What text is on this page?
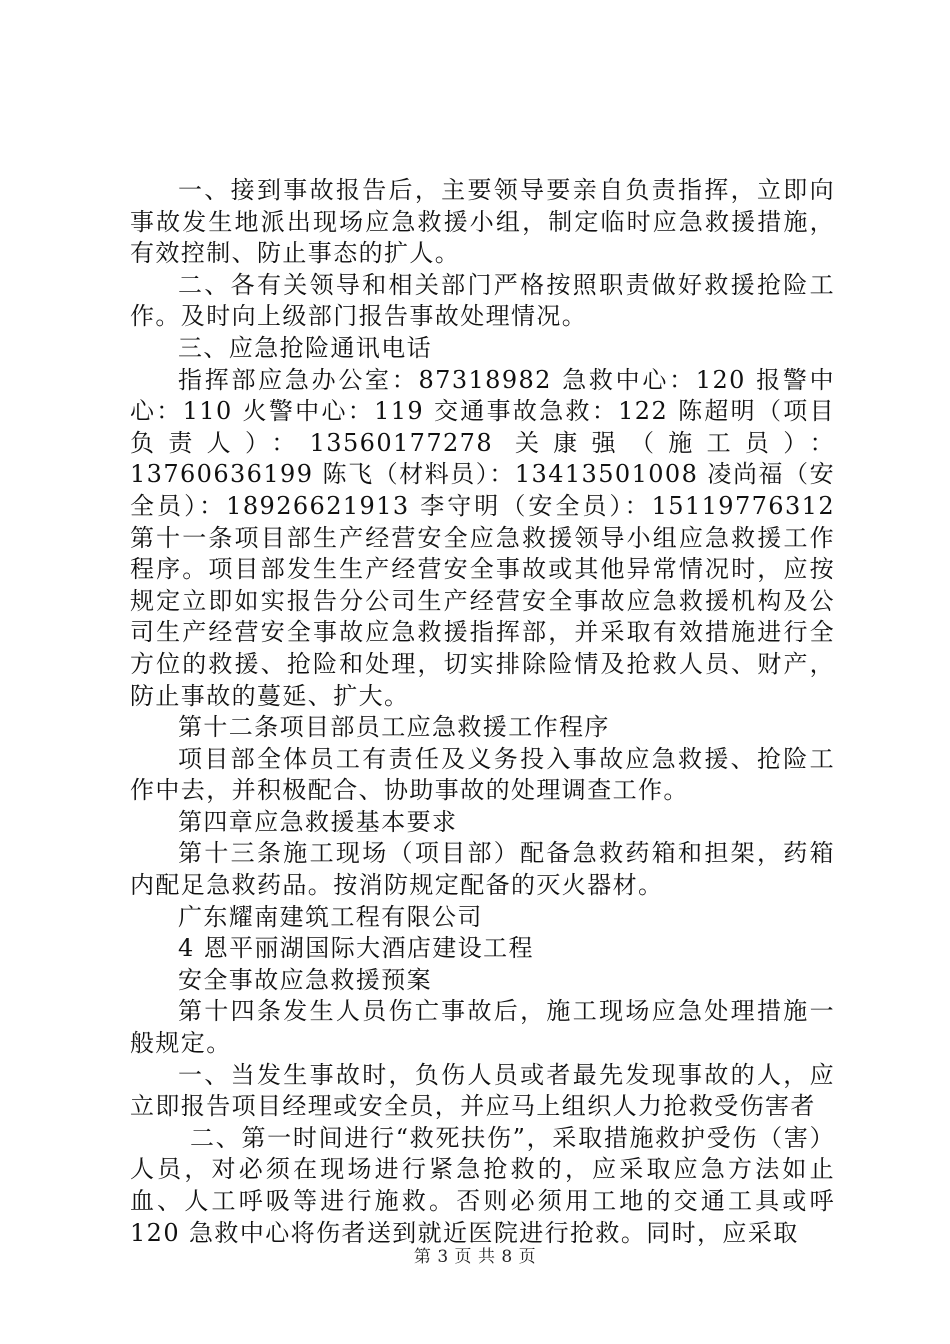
一、接到事故报告后，主要领导要亲自负责指挥，立即向事故发生地派出现场应急救援小组，制定临时应急救援措施，有效控制、防止事态的扩人。

二、各有关领导和相关部门严格按照职责做好救援抢险工作。及时向上级部门报告事故处理情况。

三、应急抢险通讯电话

指挥部应急办公室：87318982 急救中心：120 报警中心：110 火警中心：119 交通事故急救：122 陈超明（项目负责人）：13560177278 关康强（施工员）：13760636199 陈飞（材料员）：13413501008 凌尚福（安全员）：18926621913 李守明（安全员）：15119776312 第十一条项目部生产经营安全应急救援领导小组应急救援工作程序。项目部发生生产经营安全事故或其他异常情况时，应按规定立即如实报告分公司生产经营安全事故应急救援机构及公司生产经营安全事故应急救援指挥部，并采取有效措施进行全方位的救援、抢险和处理，切实排除险情及抢救人员、财产，防止事故的蔓延、扩大。

第十二条项目部员工应急救援工作程序

项目部全体员工有责任及义务投入事故应急救援、抢险工作中去，并积极配合、协助事故的处理调查工作。

第四章应急救援基本要求

第十三条施工现场（项目部）配备急救药箱和担架，药箱内配足急救药品。按消防规定配备的灭火器材。

广东耀南建筑工程有限公司

4 恩平丽湖国际大酒店建设工程

安全事故应急救援预案

第十四条发生人员伤亡事故后，施工现场应急处理措施一般规定。

一、当发生事故时，负伤人员或者最先发现事故的人，应立即报告项目经理或安全员，并应马上组织人力抢救受伤害者

二、第一时间进行“救死扶伤”，采取措施救护受伤（害）人员，对必须在现场进行紧急抢救的，应采取应急方法如止血、人工呼吸等进行施救。否则必须用工地的交通工具或呼 120 急救中心将伤者送到就近医院进行抢救。同时，应采取

第 3 页 共 8 页
